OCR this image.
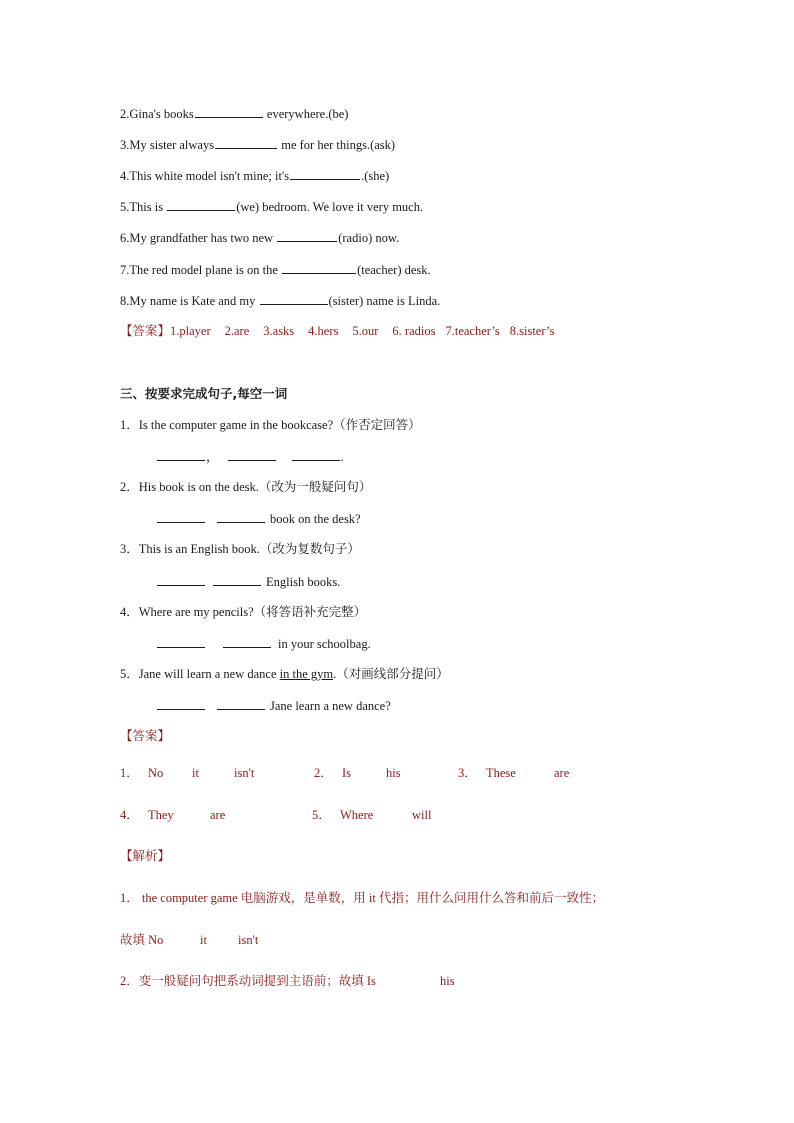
2.Gina's books	everywhere.(be)
3.My sister always	me for her things.(ask)
4.This white model isn't mine; it's	.(she)
5.This is	(we) bedroom. We love it very much.
6.My grandfather has two new	(radio) now.
7.The red model plane is on the	(teacher) desk.
8.My name is Kate and my	(sister) name is Linda.
【答案】1.player 2.are 3.asks 4.hers 5.our 6. radios 7.teacher’s 8.sister’s
三、按要求完成句子,每空一词
1．Is the computer game in the bookcase?（作否定回答）
，	.
2．His book is on the desk.（改为一般疑问句）
book on the desk?
3．This is an English book.（改为复数句子）
English books.
4．Where are my pencils?（将答语补充完整）
in your schoolbag.
5．Jane will learn a new dance in the gym.（对画线部分提问）
Jane learn a new dance?
【答案】
1． No it	isn't	2． Is	his	3． These	are
4． They	are	5． Where	will
【解析】
1． the computer game 电脑游戏，是单数，用 it 代指；用什么问用什么答和前后一致性；
故填 No	it isn't
2．变一般疑问句把系动词提到主语前；故填 Is	his
